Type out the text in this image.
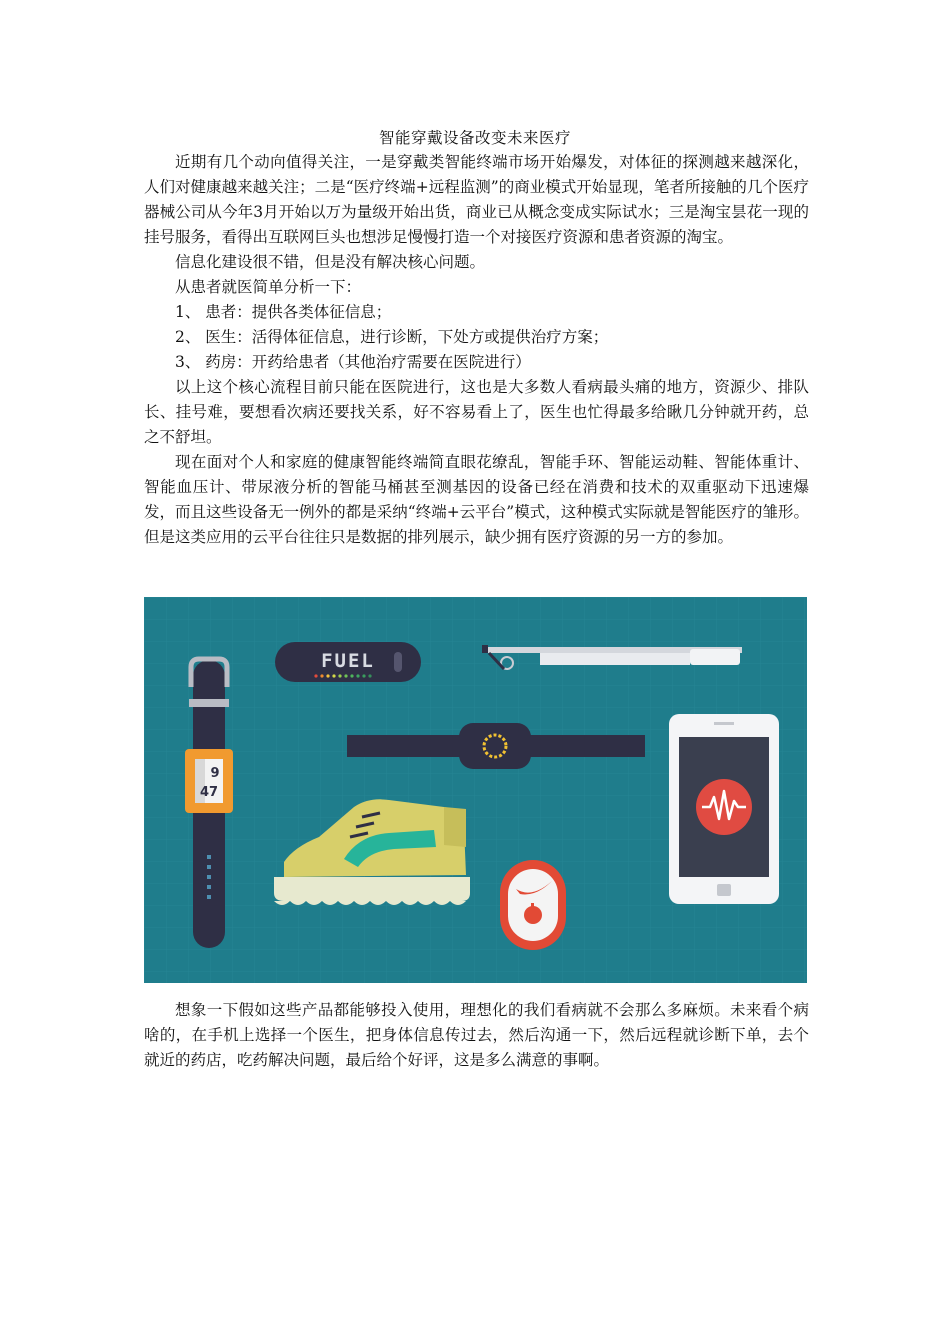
智能穿戴设备改变未来医疗

近期有几个动向值得关注，一是穿戴类智能终端市场开始爆发，对体征的探测越来越深化，人们对健康越来越关注；二是“医疗终端+远程监测”的商业模式开始显现，笔者所接触的几个医疗器械公司从今年3月开始以万为量级开始出货，商业已从概念变成实际试水；三是淘宝昙花一现的挂号服务，看得出互联网巨头也想涉足慢慢打造一个对接医疗资源和患者资源的淘宝。

信息化建设很不错，但是没有解决核心问题。

从患者就医简单分析一下：

1、 患者：提供各类体征信息；

2、 医生：活得体征信息，进行诊断，下处方或提供治疗方案；

3、 药房：开药给患者（其他治疗需要在医院进行）

以上这个核心流程目前只能在医院进行，这也是大多数人看病最头痛的地方，资源少、排队长、挂号难，要想看次病还要找关系，好不容易看上了，医生也忙得最多给瞅几分钟就开药，总之不舒坦。

现在面对个人和家庭的健康智能终端简直眼花缭乱，智能手环、智能运动鞋、智能体重计、智能血压计、带尿液分析的智能马桶甚至测基因的设备已经在消费和技术的双重驱动下迅速爆发，而且这些设备无一例外的都是采纳“终端+云平台”模式，这种模式实际就是智能医疗的雏形。但是这类应用的云平台往往只是数据的排列展示，缺少拥有医疗资源的另一方的参加。

9
47
FUEL

想象一下假如这些产品都能够投入使用，理想化的我们看病就不会那么多麻烦。未来看个病啥的，在手机上选择一个医生，把身体信息传过去，然后沟通一下，然后远程就诊断下单，去个就近的药店，吃药解决问题，最后给个好评，这是多么满意的事啊。
